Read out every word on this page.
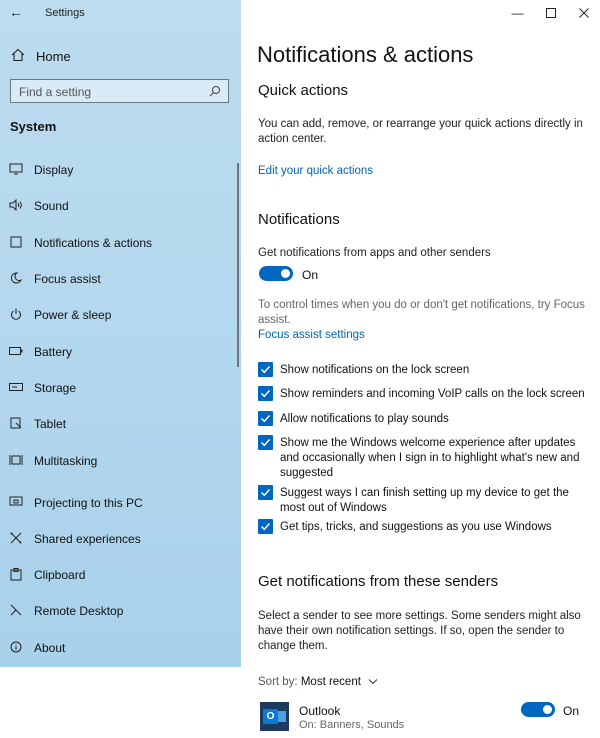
← Settings
Home
Find a setting
System
Display
Sound
Notifications & actions
Focus assist
Power & sleep
Battery
Storage
Tablet
Multitasking
Projecting to this PC
Shared experiences
Clipboard
Remote Desktop
About
Notifications & actions
Quick actions
You can add, remove, or rearrange your quick actions directly in action center.
Edit your quick actions
Notifications
Get notifications from apps and other senders
On
To control times when you do or don't get notifications, try Focus assist.
Focus assist settings
Show notifications on the lock screen
Show reminders and incoming VoIP calls on the lock screen
Allow notifications to play sounds
Show me the Windows welcome experience after updates and occasionally when I sign in to highlight what's new and suggested
Suggest ways I can finish setting up my device to get the most out of Windows
Get tips, tricks, and suggestions as you use Windows
Get notifications from these senders
Select a sender to see more settings. Some senders might also have their own notification settings. If so, open the sender to change them.
Sort by: Most recent
O	Outlook
On: Banners, Sounds
On
—
